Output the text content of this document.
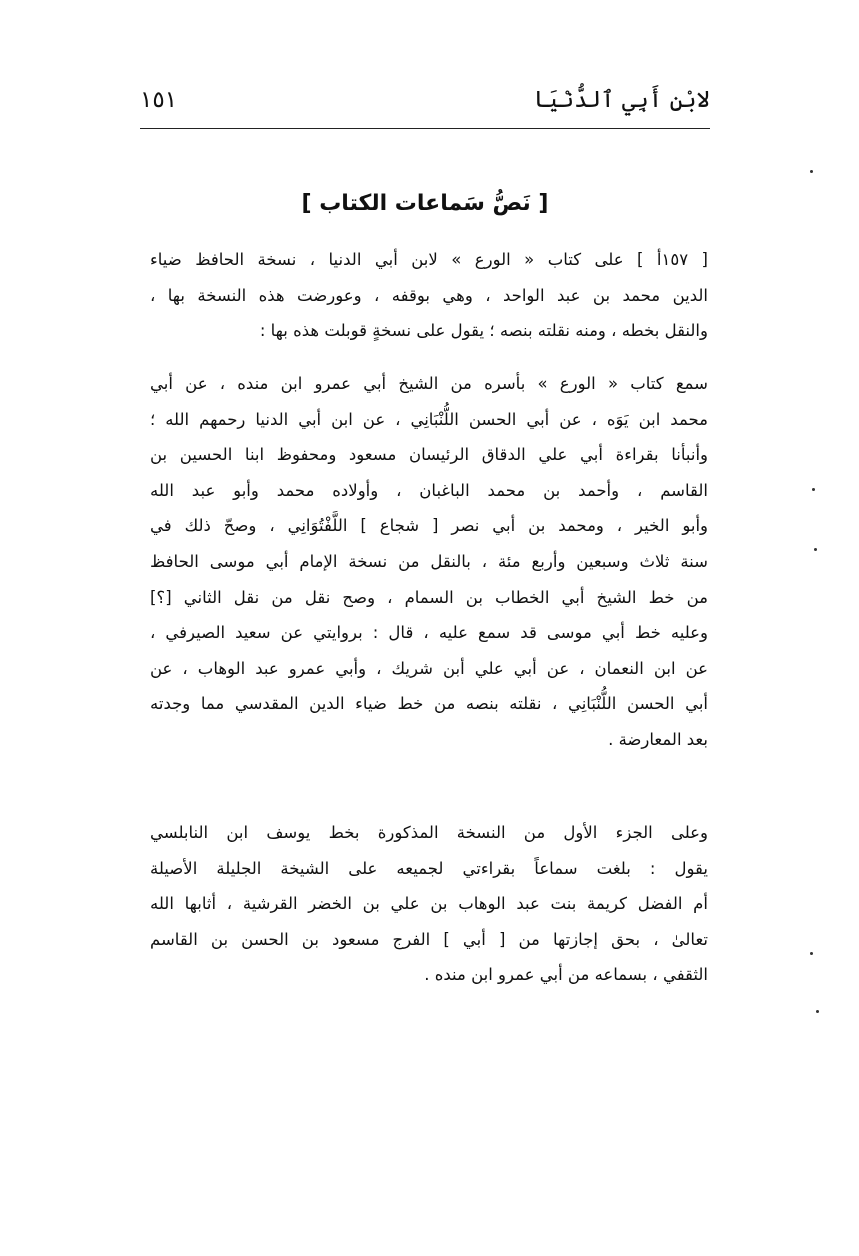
لابْنِ أَبِي ٱلدُّنْيَا
١٥١
[ نَصُّ سَماعات الكتاب ]
[ ١٥٧أ ] على كتاب « الورع » لابن أبي الدنيا ، نسخة الحافظ ضياء
الدين محمد بن عبد الواحد ، وهي بوقفه ، وعورضت هذه النسخة بها ،
والنقل بخطه ، ومنه نقلته بنصه ؛ يقول على نسخةٍ قوبلت هذه بها :
سمع كتاب « الورع » بأسره من الشيخ أبي عمرو ابن منده ، عن أبي
محمد ابن يَوَه ، عن أبي الحسن اللُّنْبَانِي ، عن ابن أبي الدنيا رحمهم الله ؛
وأنبأنا بقراءة أبي علي الدقاق الرئيسان مسعود ومحفوظ ابنا الحسين بن
القاسم ، وأحمد بن محمد الباغبان ، وأولاده محمد وأبو عبد الله
وأبو الخير ، ومحمد بن أبي نصر [ شجاع ] اللَّفْتُوَانِي ، وصحّ ذلك في
سنة ثلاث وسبعين وأربع مئة ، بالنقل من نسخة الإمام أبي موسى الحافظ
من خط الشيخ أبي الخطاب بن السمام ، وصح نقل من نقل الثاني [؟]
وعليه خط أبي موسى قد سمع عليه ، قال : بروايتي عن سعيد الصيرفي ،
عن ابن النعمان ، عن أبي علي أبن شريك ، وأبي عمرو عبد الوهاب ، عن
أبي الحسن اللُّنْبَانِي ، نقلته بنصه من خط ضياء الدين المقدسي مما وجدته
بعد المعارضة .
وعلى الجزء الأول من النسخة المذكورة بخط يوسف ابن النابلسي
يقول : بلغت سماعاً بقراءتي لجميعه على الشيخة الجليلة الأصيلة
أم الفضل كريمة بنت عبد الوهاب بن علي بن الخضر القرشية ، أثابها الله
تعالىٰ ، بحق إجازتها من [ أبي ] الفرج مسعود بن الحسن بن القاسم
الثقفي ، بسماعه من أبي عمرو ابن منده .
